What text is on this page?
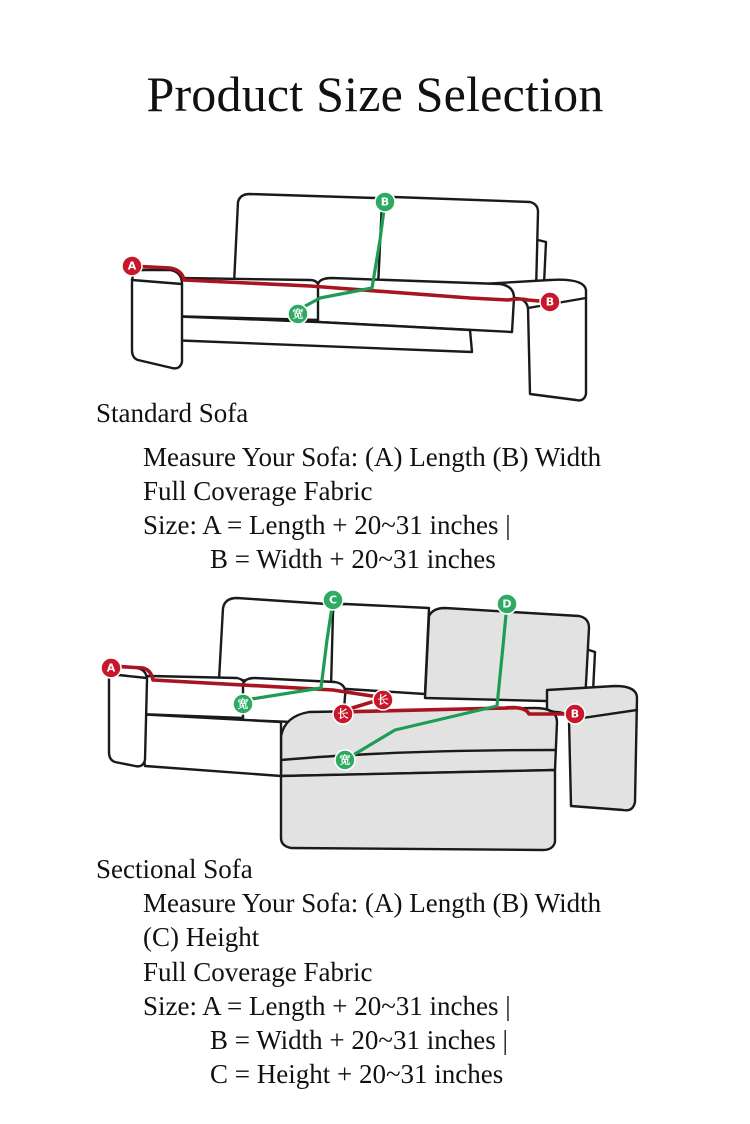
Product Size Selection
A
B
B
宽
Standard Sofa
Measure Your Sofa: (A) Length (B) Width
Full Coverage Fabric
Size: A = Length + 20~31 inches |
B = Width + 20~31 inches
A
C	D
B
宽	长
长
宽
Sectional Sofa
Measure Your Sofa: (A) Length (B) Width
(C) Height
Full Coverage Fabric
Size: A = Length + 20~31 inches |
B = Width + 20~31 inches |
C = Height + 20~31 inches
